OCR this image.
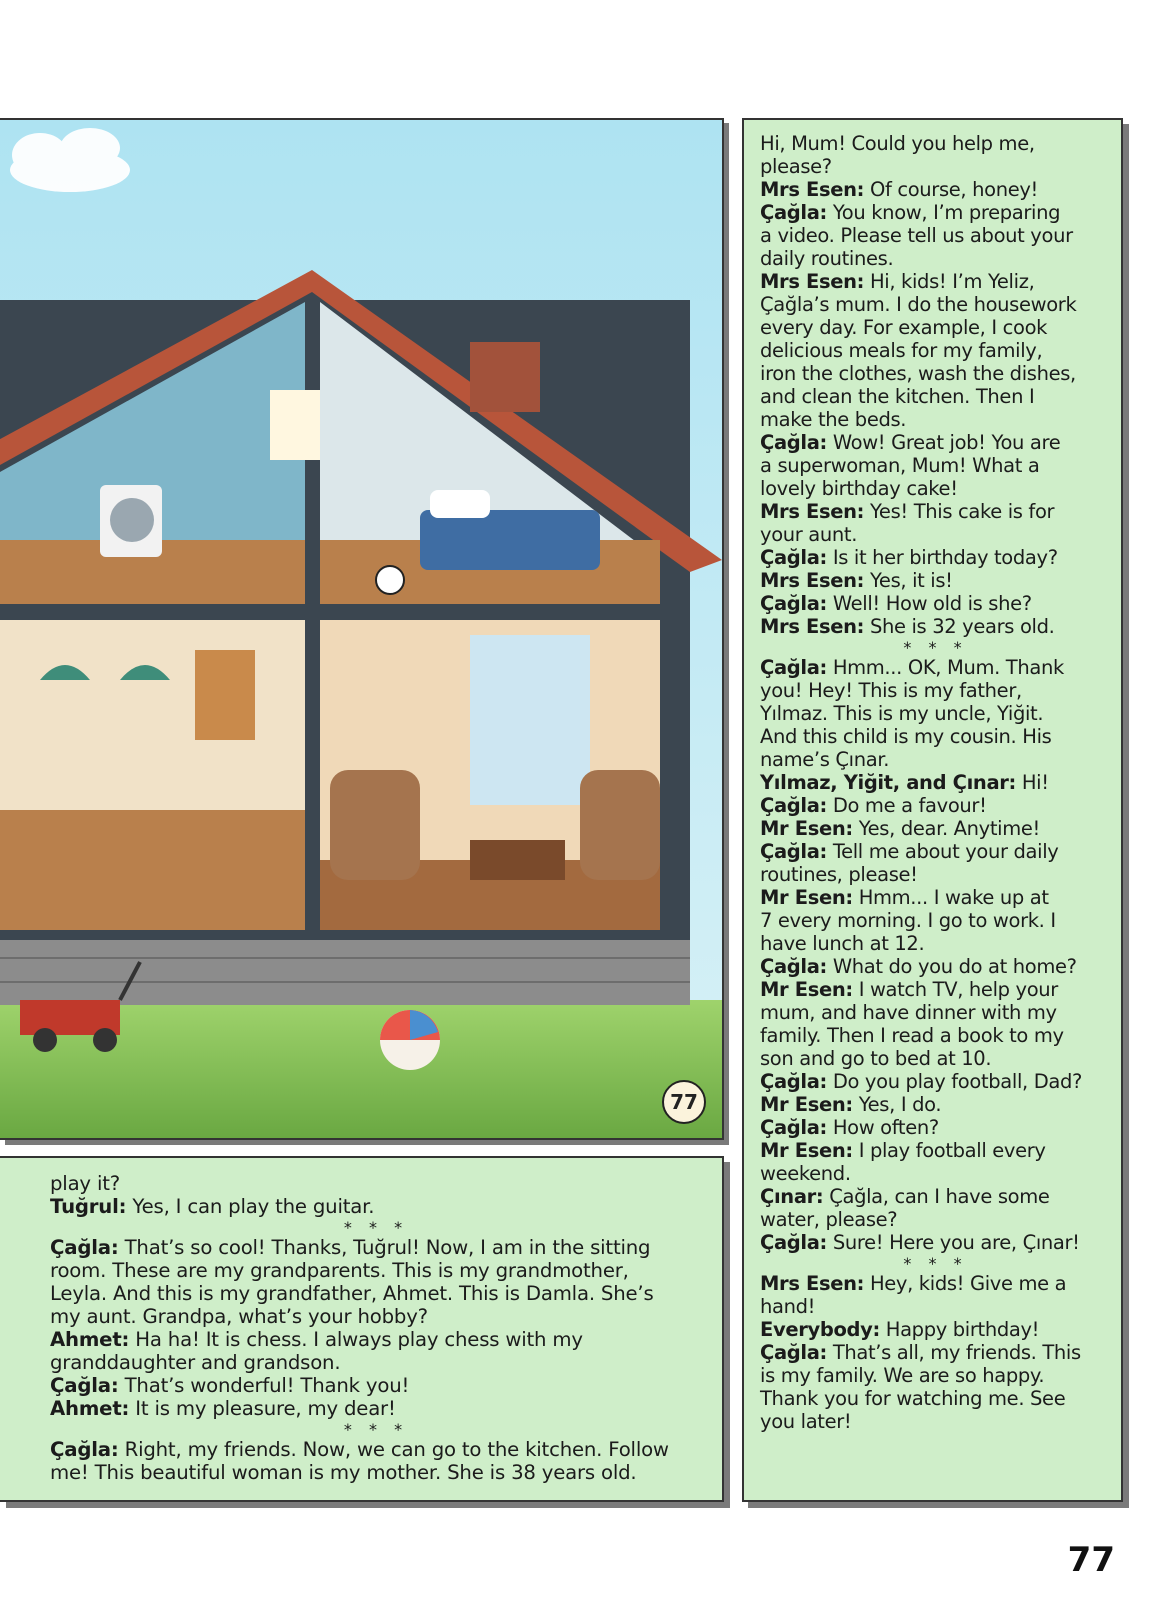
77

play it?

Tuğrul: Yes, I can play the guitar.

* * *

Çağla: That’s so cool! Thanks, Tuğrul! Now, I am in the sitting

room. These are my grandparents. This is my grandmother,

Leyla. And this is my grandfather, Ahmet. This is Damla. She’s

my aunt. Grandpa, what’s your hobby?

Ahmet: Ha ha! It is chess. I always play chess with my

granddaughter and grandson.

Çağla: That’s wonderful! Thank you!

Ahmet: It is my pleasure, my dear!

* * *

Çağla: Right, my friends. Now, we can go to the kitchen. Follow

me! This beautiful woman is my mother. She is 38 years old.

Hi, Mum! Could you help me,

please?

Mrs Esen: Of course, honey!

Çağla: You know, I’m preparing

a video. Please tell us about your

daily routines.

Mrs Esen: Hi, kids! I’m Yeliz,

Çağla’s mum. I do the housework

every day. For example, I cook

delicious meals for my family,

iron the clothes, wash the dishes,

and clean the kitchen. Then I

make the beds.

Çağla: Wow! Great job! You are

a superwoman, Mum! What a

lovely birthday cake!

Mrs Esen: Yes! This cake is for

your aunt.

Çağla: Is it her birthday today?

Mrs Esen: Yes, it is!

Çağla: Well! How old is she?

Mrs Esen: She is 32 years old.

* * *

Çağla: Hmm... OK, Mum. Thank

you! Hey! This is my father,

Yılmaz. This is my uncle, Yiğit.

And this child is my cousin. His

name’s Çınar.

Yılmaz, Yiğit, and Çınar: Hi!

Çağla: Do me a favour!

Mr Esen: Yes, dear. Anytime!

Çağla: Tell me about your daily

routines, please!

Mr Esen: Hmm... I wake up at

7 every morning. I go to work. I

have lunch at 12.

Çağla: What do you do at home?

Mr Esen: I watch TV, help your

mum, and have dinner with my

family. Then I read a book to my

son and go to bed at 10.

Çağla: Do you play football, Dad?

Mr Esen: Yes, I do.

Çağla: How often?

Mr Esen: I play football every

weekend.

Çınar: Çağla, can I have some

water, please?

Çağla: Sure! Here you are, Çınar!

* * *

Mrs Esen: Hey, kids! Give me a

hand!

Everybody: Happy birthday!

Çağla: That’s all, my friends. This

is my family. We are so happy.

Thank you for watching me. See

you later!

77
